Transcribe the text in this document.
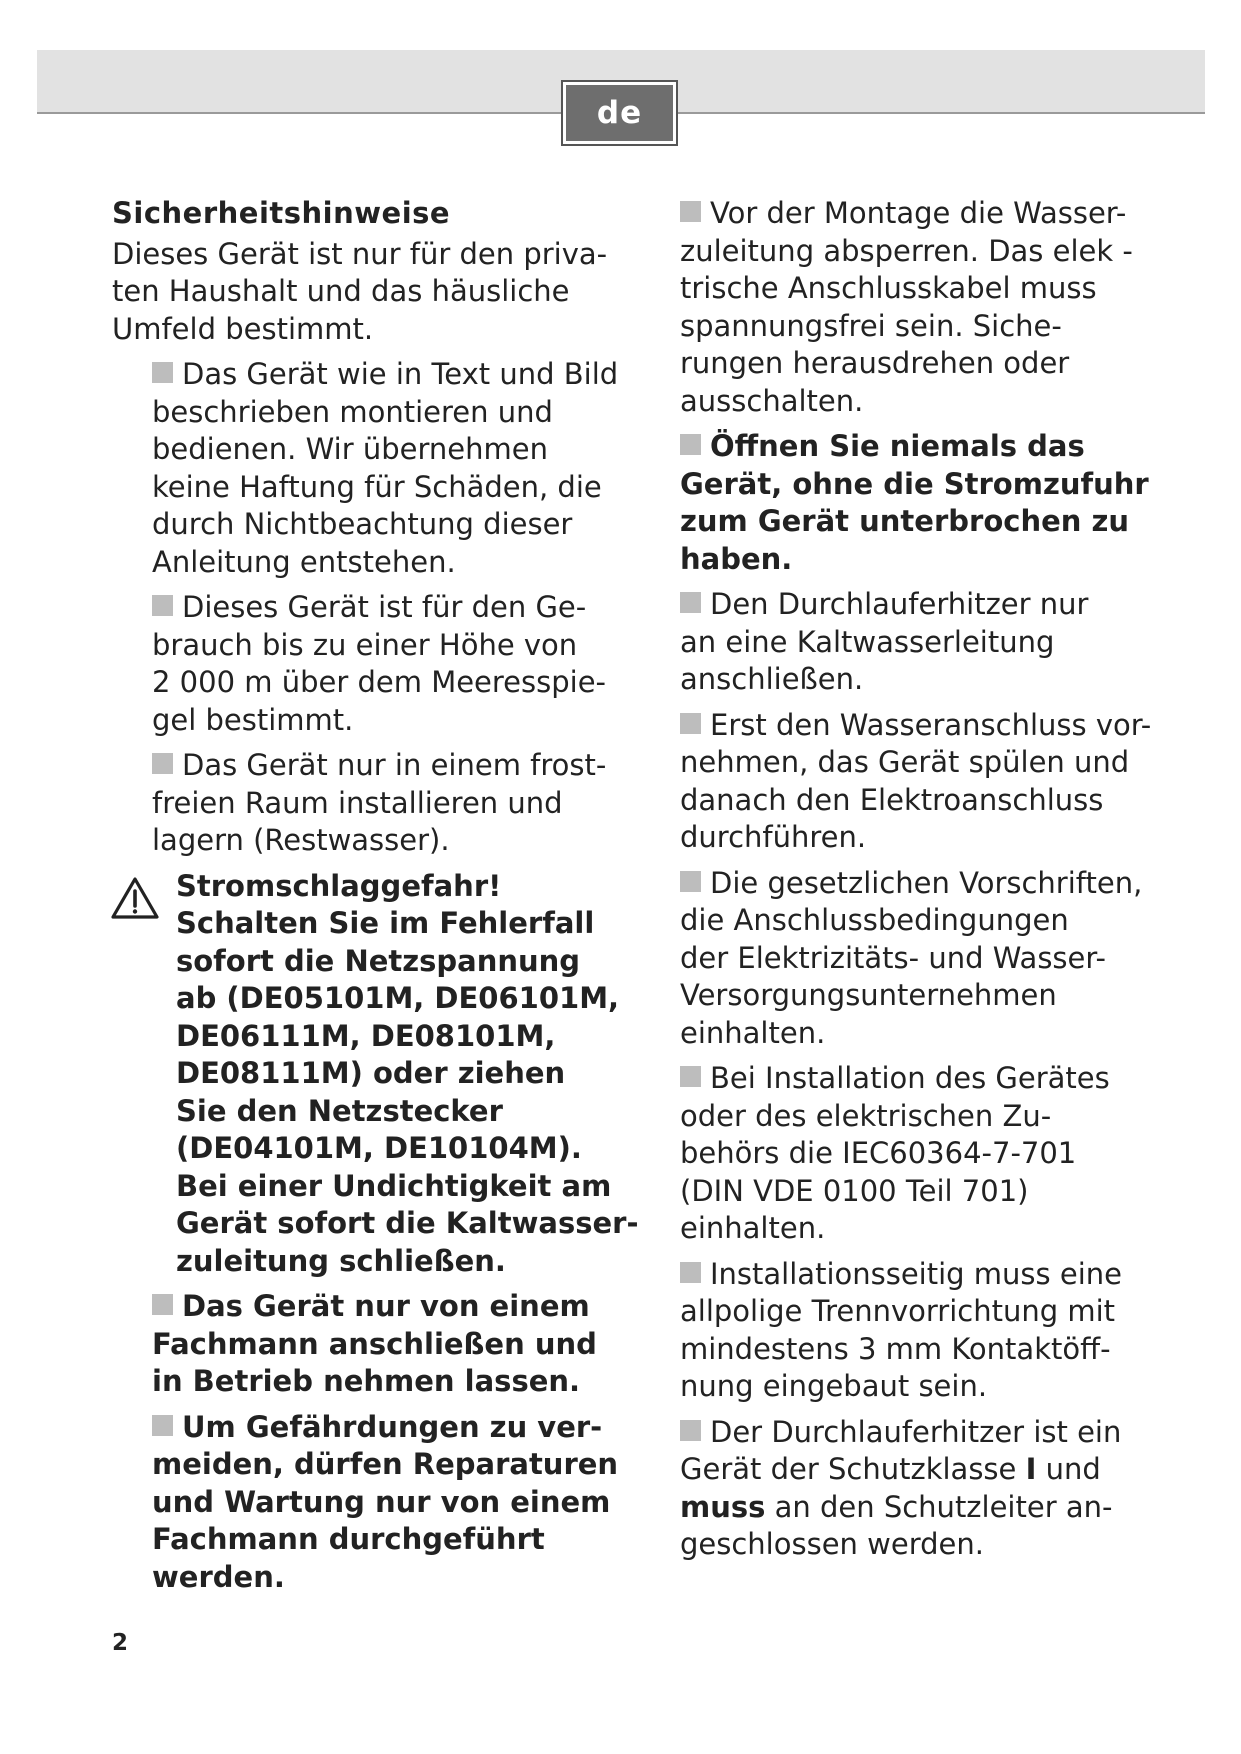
de
Sicherheitshinweise

Dieses Gerät ist nur für den priva-
ten Haushalt und das häusliche
Umfeld bestimmt.

Das Gerät wie in Text und Bild
beschrieben montieren und
bedienen. Wir übernehmen
keine Haftung für Schäden, die
durch Nichtbeachtung dieser
Anleitung entstehen.

Dieses Gerät ist für den Ge-
brauch bis zu einer Höhe von
2 000 m über dem Meeresspie-
gel bestimmt.

Das Gerät nur in einem frost-
freien Raum installieren und
lagern (Restwasser).

Stromschlaggefahr!
Schalten Sie im Fehlerfall
sofort die Netzspannung
ab (DE05101M, DE06101M,
DE06111M, DE08101M,
DE08111M) oder ziehen
Sie den Netzstecker
(DE04101M, DE10104M).
Bei einer Undichtigkeit am
Gerät sofort die Kaltwasser-
zuleitung schließen.

Das Gerät nur von einem
Fachmann anschließen und
in Betrieb nehmen lassen.

Um Gefährdungen zu ver-
meiden, dürfen Reparaturen
und Wartung nur von einem
Fachmann durchgeführt
werden.

Vor der Montage die Wasser-
zuleitung absperren. Das elek -
trische Anschlusskabel muss
spannungsfrei sein. Siche-
rungen herausdrehen oder
ausschalten.

Öffnen Sie niemals das
Gerät, ohne die Stromzufuhr
zum Gerät unterbrochen zu
haben.

Den Durchlauferhitzer nur
an eine Kaltwasserleitung
anschließen.

Erst den Wasseranschluss vor-
nehmen, das Gerät spülen und
danach den Elektroanschluss
durchführen.

Die gesetzlichen Vorschriften,
die Anschlussbedingungen
der Elektrizitäts- und Wasser-
Versorgungsunternehmen
einhalten.

Bei Installation des Gerätes
oder des elektrischen Zu-
behörs die IEC60364-7-701
(DIN VDE 0100 Teil 701)
einhalten.

Installationsseitig muss eine
allpolige Trennvorrichtung mit
mindestens 3 mm Kontaktöff-
nung eingebaut sein.

Der Durchlauferhitzer ist ein
Gerät der Schutzklasse I und
muss an den Schutzleiter an-
geschlossen werden.

2
